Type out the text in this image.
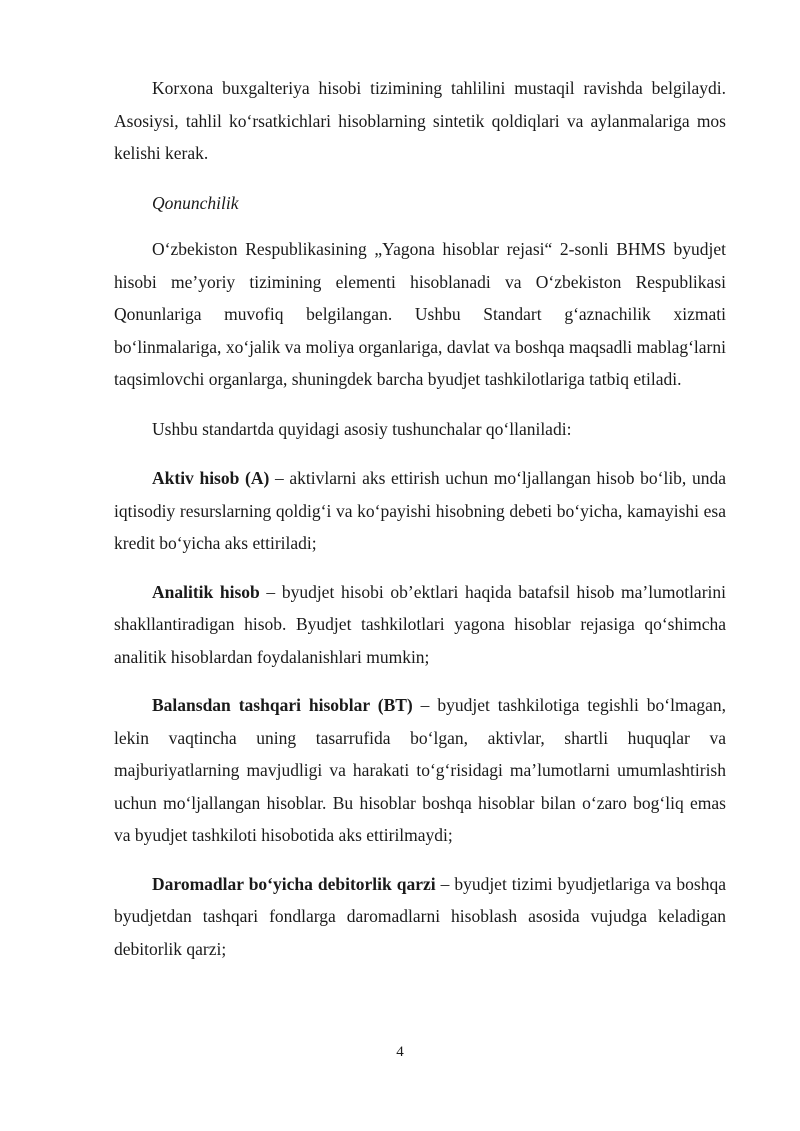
Korxona buxgalteriya hisobi tizimining tahlilini mustaqil ravishda belgilaydi. Asosiysi, tahlil ko‘rsatkichlari hisoblarning sintetik qoldiqlari va aylanmalariga mos kelishi kerak.

Qonunchilik

O‘zbekiston Respublikasining „Yagona hisoblar rejasi“ 2-sonli BHMS byudjet hisobi me’yoriy tizimining elementi hisoblanadi va O‘zbekiston Respublikasi Qonunlariga muvofiq belgilangan. Ushbu Standart g‘aznachilik xizmati bo‘linmalariga, xo‘jalik va moliya organlariga, davlat va boshqa maqsadli mablag‘larni taqsimlovchi organlarga, shuningdek barcha byudjet tashkilotlariga tatbiq etiladi.

Ushbu standartda quyidagi asosiy tushunchalar qo‘llaniladi:

Aktiv hisob (A) – aktivlarni aks ettirish uchun mo‘ljallangan hisob bo‘lib, unda iqtisodiy resurslarning qoldig‘i va ko‘payishi hisobning debeti bo‘yicha, kamayishi esa kredit bo‘yicha aks ettiriladi;

Analitik hisob – byudjet hisobi ob’ektlari haqida batafsil hisob ma’lumotlarini shakllantiradigan hisob. Byudjet tashkilotlari yagona hisoblar rejasiga qo‘shimcha analitik hisoblardan foydalanishlari mumkin;

Balansdan tashqari hisoblar (BT) – byudjet tashkilotiga tegishli bo‘lmagan, lekin vaqtincha uning tasarrufida bo‘lgan, aktivlar, shartli huquqlar va majburiyatlarning mavjudligi va harakati to‘g‘risidagi ma’lumotlarni umumlashtirish uchun mo‘ljallangan hisoblar. Bu hisoblar boshqa hisoblar bilan o‘zaro bog‘liq emas va byudjet tashkiloti hisobotida aks ettirilmaydi;

Daromadlar bo‘yicha debitorlik qarzi – byudjet tizimi byudjetlariga va boshqa byudjetdan tashqari fondlarga daromadlarni hisoblash asosida vujudga keladigan debitorlik qarzi;

4
